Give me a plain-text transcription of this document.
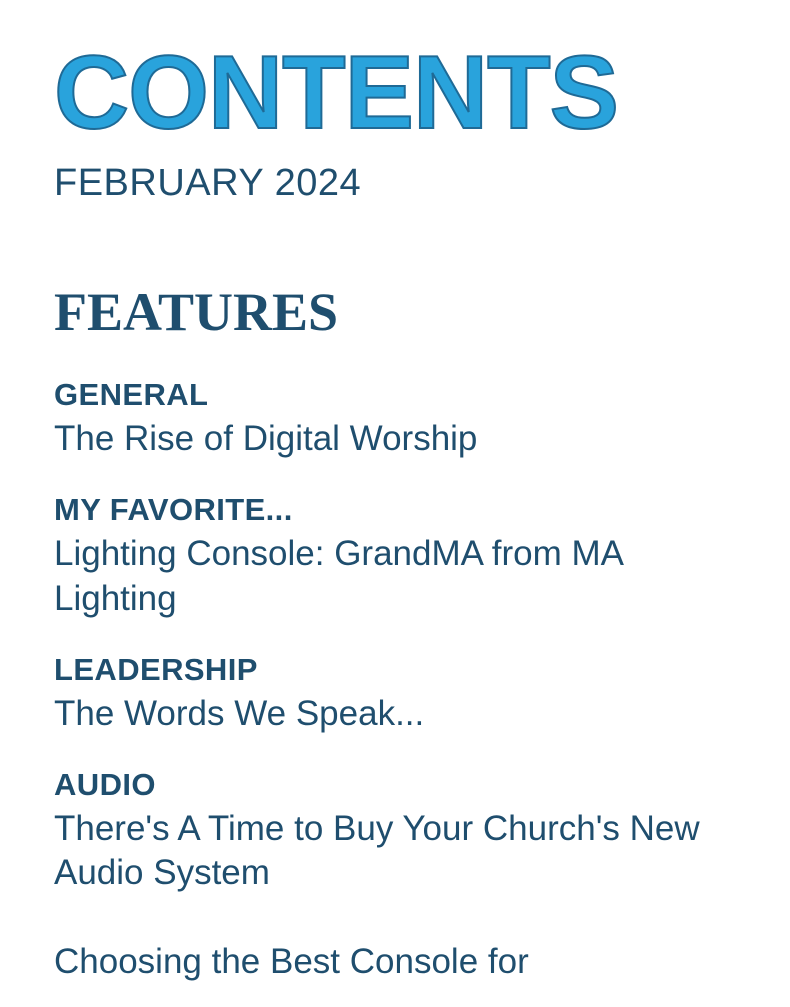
CONTENTS

FEBRUARY 2024

FEATURES

GENERAL

The Rise of Digital Worship

MY FAVORITE...

Lighting Console: GrandMA from MA Lighting

LEADERSHIP

The Words We Speak...

AUDIO

There's A Time to Buy Your Church's New Audio System

Choosing the Best Console for
